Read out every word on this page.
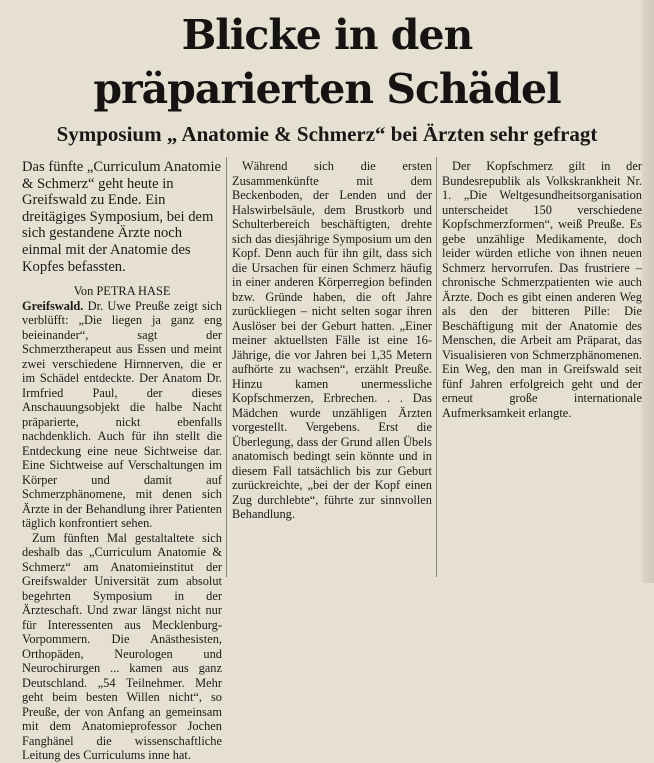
Blicke in den
präparierten Schädel
Symposium „ Anatomie & Schmerz“ bei Ärzten sehr gefragt

Das fünfte „Curriculum Anatomie & Schmerz“ geht heute in Greifswald zu Ende. Ein dreitägiges Symposium, bei dem sich gestandene Ärzte noch einmal mit der Anatomie des Kopfes befassten.

Von PETRA HASE

Greifswald. Dr. Uwe Preuße zeigt sich verblüfft: „Die liegen ja ganz eng beieinander“, sagt der Schmerztherapeut aus Essen und meint zwei verschiedene Hirnnerven, die er im Schädel entdeckte. Der Anatom Dr. Irmfried Paul, der dieses Anschauungsobjekt die halbe Nacht präparierte, nickt ebenfalls nachdenklich. Auch für ihn stellt die Entdeckung eine neue Sichtweise dar. Eine Sichtweise auf Verschaltungen im Körper und damit auf Schmerzphänomene, mit denen sich Ärzte in der Behandlung ihrer Patienten täglich konfrontiert sehen.

Zum fünften Mal gestaltaltete sich deshalb das „Curriculum Anatomie & Schmerz“ am Anatomieinstitut der Greifswalder Universität zum absolut begehrten Symposium in der Ärzteschaft. Und zwar längst nicht nur für Interessenten aus Mecklenburg-Vorpommern. Die Anästhesisten, Orthopäden, Neurologen und Neurochirurgen ... kamen aus ganz Deutschland. „54 Teilnehmer. Mehr geht beim besten Willen nicht“, so Preuße, der von Anfang an gemeinsam mit dem Anatomieprofessor Jochen Fanghänel die wissenschaftliche Leitung des Curriculums inne hat.

Während sich die ersten Zusammenkünfte mit dem Beckenboden, der Lenden und der Halswirbelsäule, dem Brustkorb und Schulterbereich beschäftigten, drehte sich das diesjährige Symposium um den Kopf. Denn auch für ihn gilt, dass sich die Ursachen für einen Schmerz häufig in einer anderen Körperregion befinden bzw. Gründe haben, die oft Jahre zurückliegen – nicht selten sogar ihren Auslöser bei der Geburt hatten. „Einer meiner aktuellsten Fälle ist eine 16-Jährige, die vor Jahren bei 1,35 Metern aufhörte zu wachsen“, erzählt Preuße. Hinzu kamen unermessliche Kopfschmerzen, Erbrechen. . . Das Mädchen wurde unzähligen Ärzten vorgestellt. Vergebens. Erst die Überlegung, dass der Grund allen Übels anatomisch bedingt sein könnte und in diesem Fall tatsächlich bis zur Geburt zurückreichte, „bei der der Kopf einen Zug durchlebte“, führte zur sinnvollen Behandlung.

Der Kopfschmerz gilt in der Bundesrepublik als Volkskrankheit Nr. 1. „Die Weltgesundheitsorganisation unterscheidet 150 verschiedene Kopfschmerzformen“, weiß Preuße. Es gebe unzählige Medikamente, doch leider würden etliche von ihnen neuen Schmerz hervorrufen. Das frustriere – chronische Schmerzpatienten wie auch Ärzte. Doch es gibt einen anderen Weg als den der bitteren Pille: Die Beschäftigung mit der Anatomie des Menschen, die Arbeit am Präparat, das Visualisieren von Schmerzphänomenen. Ein Weg, den man in Greifswald seit fünf Jahren erfolgreich geht und der erneut große internationale Aufmerksamkeit erlangte.
